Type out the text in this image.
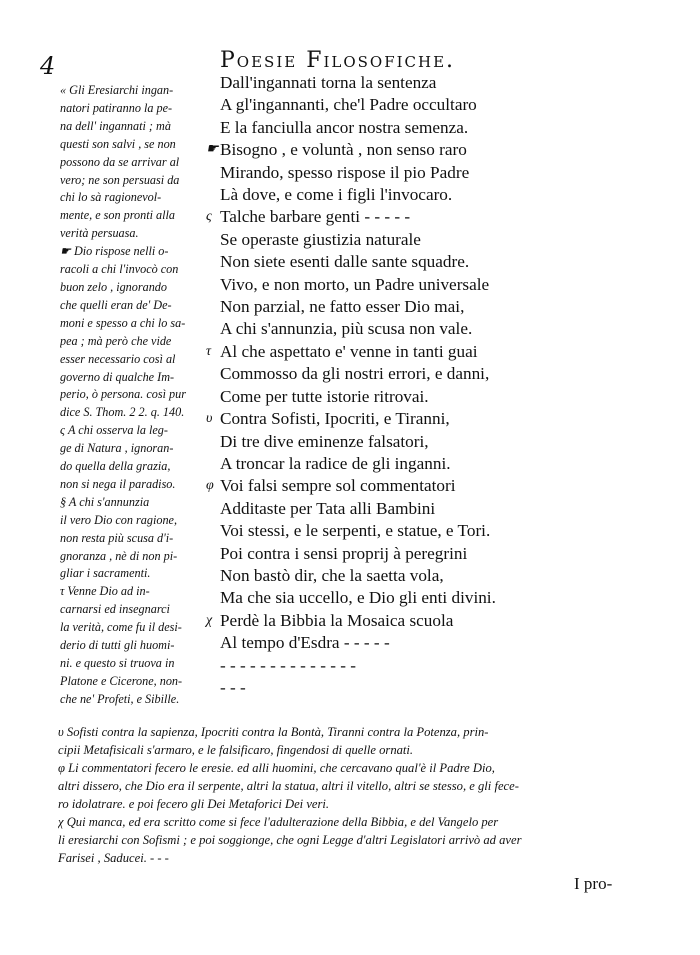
4	Poesie Filosofiche.
« Gli Eresiarchi ingan-
natori patiranno la pe-
na dell' ingannati ; mà
questi son salvi , se non
possono da se arrivar al
vero; ne son persuasi da
chi lo sà ragionevol-
mente, e son pronti alla
verità persuasa.
☛ Dio rispose nelli o-
racoli a chi l'invocò con
buon zelo , ignorando
che quelli eran de' De-
moni e spesso a chi lo sa-
pea ; mà però che vide
esser necessario così al
governo di qualche Im-
perio, ò persona. così pur
dice S. Thom. 2 2. q. 140.
ς A chi osserva la leg-
ge di Natura , ignoran-
do quella della grazia,
non si nega il paradiso.
§ A chi s'annunzia
il vero Dio con ragione,
non resta più scusa d'i-
gnoranza , nè di non pi-
gliar i sacramenti.
τ Venne Dio ad in-
carnarsi ed insegnarci
la verità, come fu il desi-
derio di tutti gli huomi-
ni. e questo si truova in
Platone e Cicerone, non-
che ne' Profeti, e Sibille.
Dall'ingannati torna la sentenza
A gl'ingannanti, che'l Padre occultaro
E la fanciulla ancor nostra semenza.
☛ Bisogno , e voluntà , non senso raro
Mirando, spesso rispose il pio Padre
Là dove, e come i figli l'invocaro.
ς Talche barbare genti - - - - -
Se operaste giustizia naturale
Non siete esenti dalle sante squadre.
Vivo, e non morto, un Padre universale
Non parzial, ne fatto esser Dio mai,
A chi s'annunzia, più scusa non vale.
τ Al che aspettato e' venne in tanti guai
Commosso da gli nostri errori, e danni,
Come per tutte istorie ritrovai.
υ Contra Sofisti, Ipocriti, e Tiranni,
Di tre dive eminenze falsatori,
A troncar la radice de gli inganni.
φ Voi falsi sempre sol commentatori
Additaste per Tata alli Bambini
Voi stessi, e le serpenti, e statue, e Tori.
Poi contra i sensi proprij à peregrini
Non bastò dir, che la saetta vola,
Ma che sia uccello, e Dio gli enti divini.
χ Perdè la Bibbia la Mosaica scuola
Al tempo d'Esdra - - - - -
- - - - - - - - - - - - - -
- - -
υ Sofisti contra la sapienza, Ipocriti contra la Bontà, Tiranni contra la Potenza, prin-
cipii Metafisicali s'armaro, e le falsificaro, fingendosi di quelle ornati.
φ Li commentatori fecero le eresie. ed alli huomini, che cercavano qual'è il Padre Dio,
altri dissero, che Dio era il serpente, altri la statua, altri il vitello, altri se stesso, e gli fece-
ro idolatrare. e poi fecero gli Dei Metaforici Dei veri.
χ Qui manca, ed era scritto come si fece l'adulterazione della Bibbia, e del Vangelo per
li eresiarchi con Sofismi ; e poi soggionge, che ogni Legge d'altri Legislatori arrivò ad aver
Farisei , Saducei. - - -
I pro-
